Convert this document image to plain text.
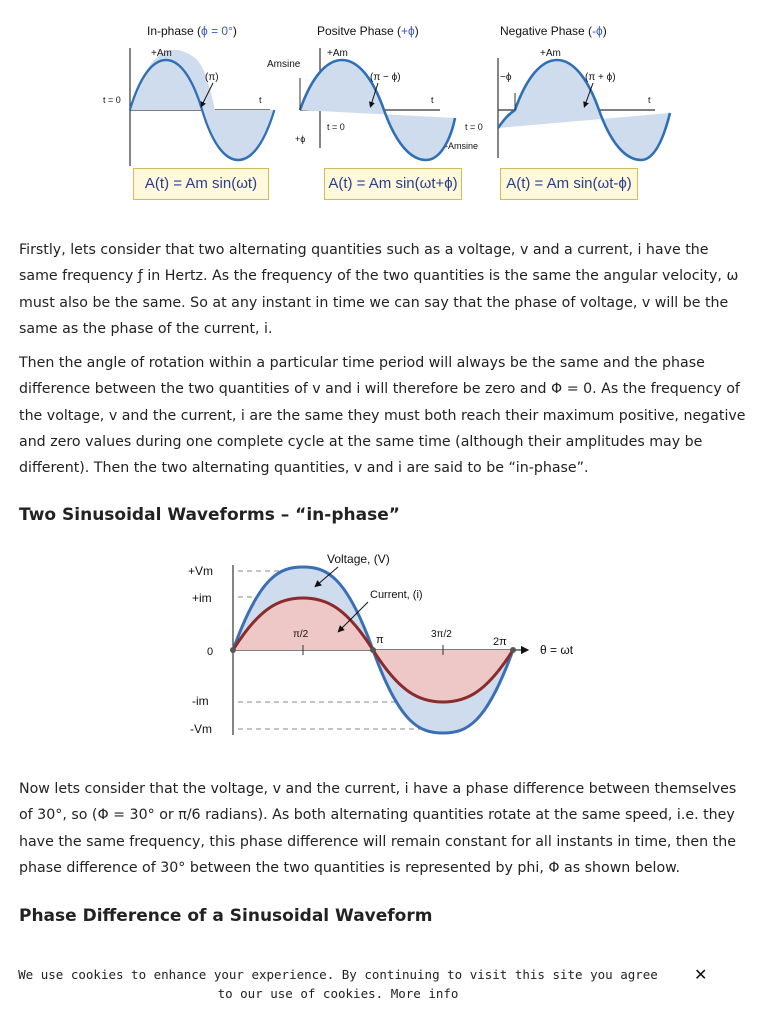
In-phase (ϕ = 0°)
+Am
(π)
t = 0	t
Positve Phase (+ϕ)
+Am
Amsine
(π − ϕ)
t = 0
+ϕ
t
Negative Phase (-ϕ)
+Am
−ϕ	(π + ϕ)
t = 0
-Amsine
t
A(t) = Am sin(ωt)	A(t) = Am sin(ωt+ϕ)	A(t) = Am sin(ωt-ϕ)

Firstly, lets consider that two alternating quantities such as a voltage, v and a current, i have the same frequency ƒ in Hertz. As the frequency of the two quantities is the same the angular velocity, ω must also be the same. So at any instant in time we can say that the phase of voltage, v will be the same as the phase of the current, i.

Then the angle of rotation within a particular time period will always be the same and the phase difference between the two quantities of v and i will therefore be zero and Φ = 0. As the frequency of the voltage, v and the current, i are the same they must both reach their maximum positive, negative and zero values during one complete cycle at the same time (although their amplitudes may be different). Then the two alternating quantities, v and i are said to be “in-phase”.

Two Sinusoidal Waveforms – “in-phase”
Voltage, (V)
Current, (i)
+Vm
+im
0
-im
-Vm
π/2	π	3π/2
2π
θ = ωt

Now lets consider that the voltage, v and the current, i have a phase difference between themselves of 30°, so (Φ = 30° or π/6 radians). As both alternating quantities rotate at the same speed, i.e. they have the same frequency, this phase difference will remain constant for all instants in time, then the phase difference of 30° between the two quantities is represented by phi, Φ as shown below.

Phase Difference of a Sinusoidal Waveform
We use cookies to enhance your experience. By continuing to visit this site you agree to our use of cookies. More info
✕
